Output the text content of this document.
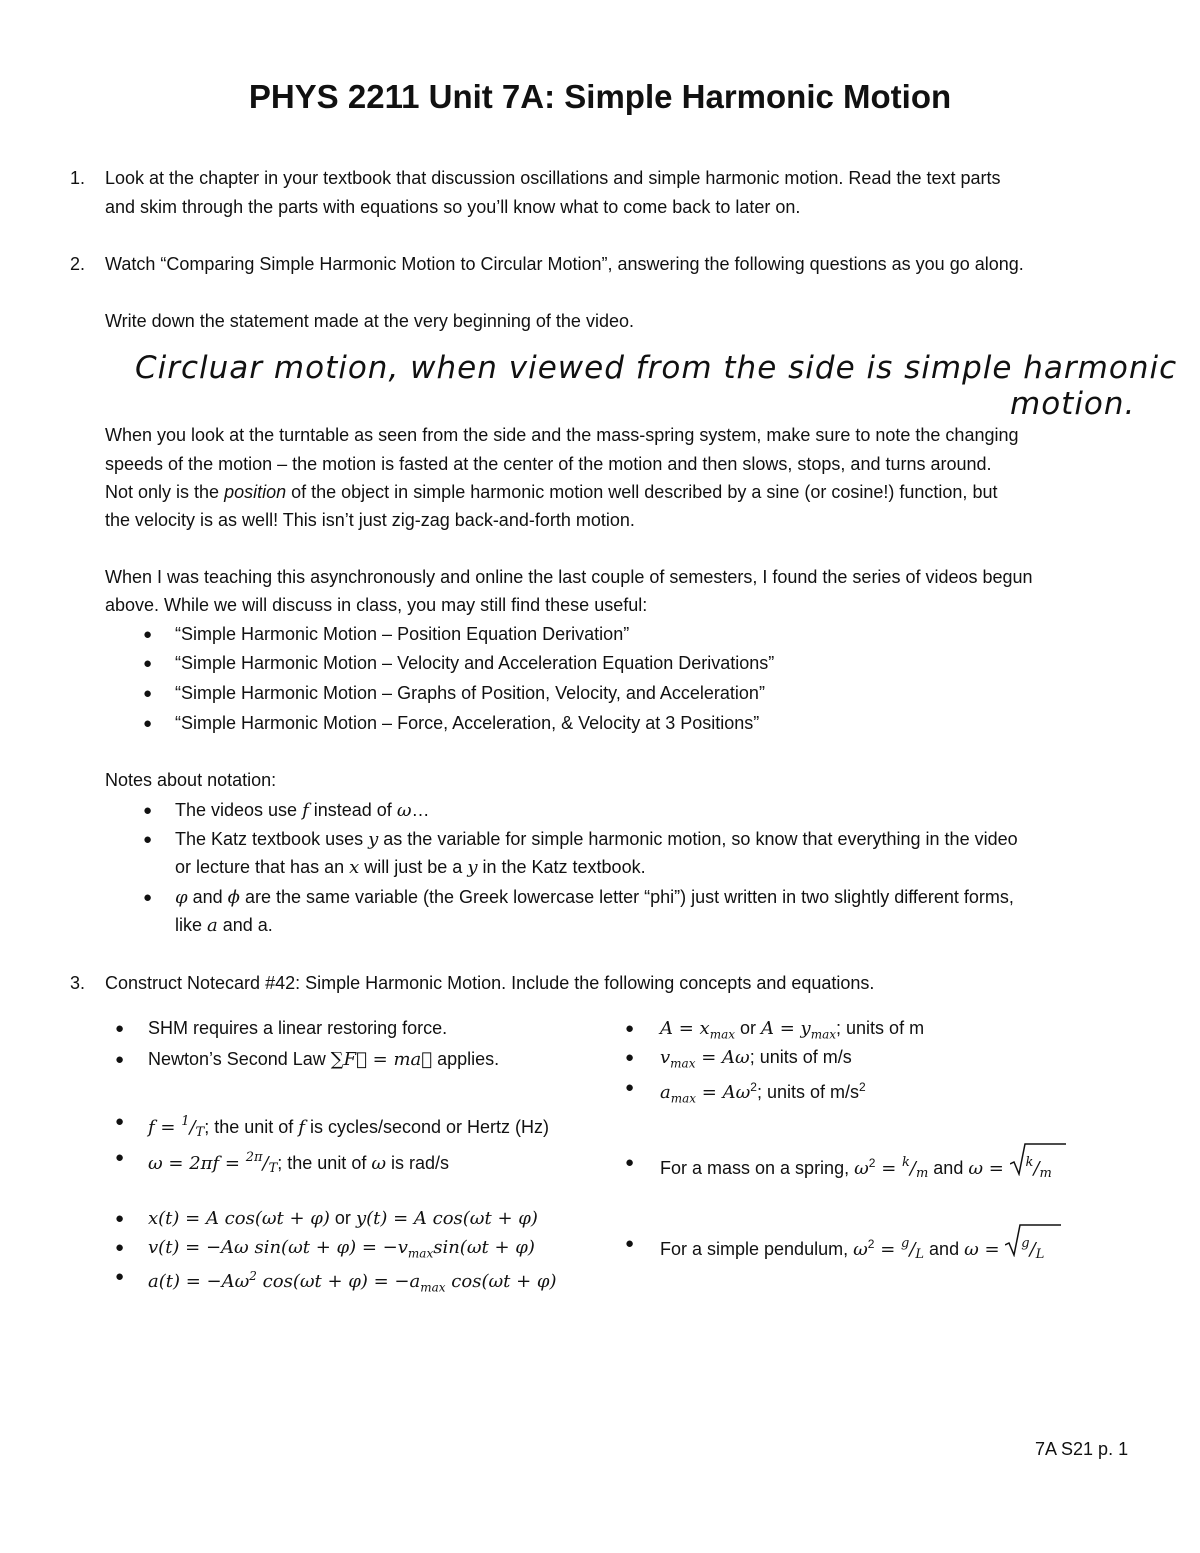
PHYS 2211 Unit 7A: Simple Harmonic Motion
1. Look at the chapter in your textbook that discussion oscillations and simple harmonic motion. Read the text parts
and skim through the parts with equations so you’ll know what to come back to later on.
2. Watch “Comparing Simple Harmonic Motion to Circular Motion”, answering the following questions as you go along.
Write down the statement made at the very beginning of the video.
Circluar motion, when viewed from the side is simple harmonic
motion.
When you look at the turntable as seen from the side and the mass-spring system, make sure to note the changing
speeds of the motion – the motion is fasted at the center of the motion and then slows, stops, and turns around.
Not only is the position of the object in simple harmonic motion well described by a sine (or cosine!) function, but
the velocity is as well! This isn’t just zig-zag back-and-forth motion.
When I was teaching this asynchronously and online the last couple of semesters, I found the series of videos begun
above. While we will discuss in class, you may still find these useful:
● “Simple Harmonic Motion – Position Equation Derivation”
● “Simple Harmonic Motion – Velocity and Acceleration Equation Derivations”
● “Simple Harmonic Motion – Graphs of Position, Velocity, and Acceleration”
● “Simple Harmonic Motion – Force, Acceleration, & Velocity at 3 Positions”
Notes about notation:
● The videos use f instead of ω…
● The Katz textbook uses y as the variable for simple harmonic motion, so know that everything in the video
or lecture that has an x will just be a y in the Katz textbook.
● φ and ϕ are the same variable (the Greek lowercase letter “phi”) just written in two slightly different forms,
like a and a.
3. Construct Notecard #42: Simple Harmonic Motion. Include the following concepts and equations.
● SHM requires a linear restoring force.
● Newton’s Second Law ∑F⃗ = ma⃗ applies.
● $f = ^1/_T$; the unit of f is cycles/second or Hertz (Hz)
● $\omega = 2\pi f = ^{2\pi}/_T$; the unit of ω is rad/s
● x(t) = A cos(ωt + φ) or y(t) = A cos(ωt + φ)
● v(t) = −Aω $\sin(\omega t + \varphi) = -v_{max}\sin(\omega t + \varphi)$
● $a(t) = -A\omega^2$ $\cos(\omega t + \varphi) = -a_{max}$ cos(ωt + φ)
● $A = x_{max}$ or $A = y_{max}$; units of m
● $v_{max} = A\omega$; units of m/s
● $a_{max} = A\omega^2$; units of $m/s^2$
● For a mass on a spring, $\omega^2 = ^k/_m$ and ω =
$^k/_m$
● For a simple pendulum, $\omega^2 = ^g/_L$ and ω =
$^g/_L$
7A S21 p. 1
